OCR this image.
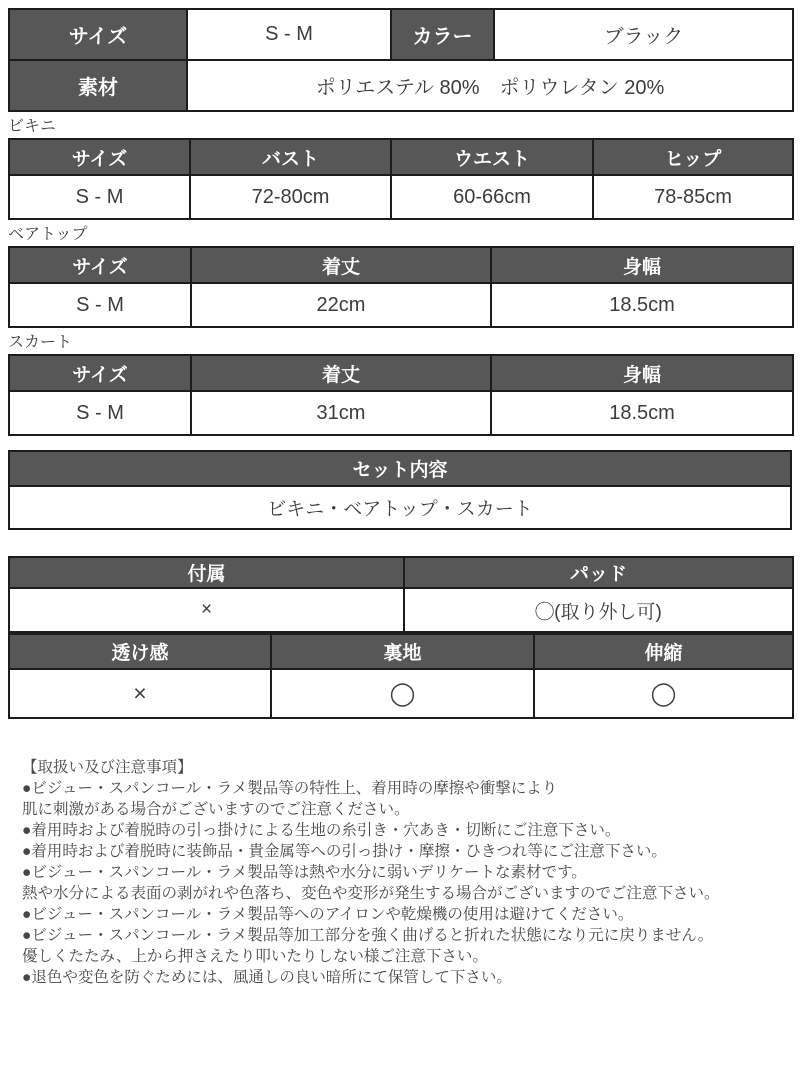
サイズ	S - M	カラー	ブラック
素材	ポリエステル 80%　ポリウレタン 20%		
ビキニ
サイズ	バスト	ウエスト	ヒップ
S - M	72-80cm	60-66cm	78-85cm
ベアトップ
サイズ	着丈	身幅
S - M	22cm	18.5cm
スカート
サイズ	着丈	身幅
S - M	31cm	18.5cm
セット内容
ビキニ・ベアトップ・スカート
付属	パッド
×	◯(取り外し可)
透け感	裏地	伸縮
×	◯	◯
【取扱い及び注意事項】
●ビジュー・スパンコール・ラメ製品等の特性上、着用時の摩擦や衝撃により
肌に刺激がある場合がございますのでご注意ください。
●着用時および着脱時の引っ掛けによる生地の糸引き・穴あき・切断にご注意下さい。
●着用時および着脱時に装飾品・貴金属等への引っ掛け・摩擦・ひきつれ等にご注意下さい。
●ビジュー・スパンコール・ラメ製品等は熱や水分に弱いデリケートな素材です。
熱や水分による表面の剥がれや色落ち、変色や変形が発生する場合がございますのでご注意下さい。
●ビジュー・スパンコール・ラメ製品等へのアイロンや乾燥機の使用は避けてください。
●ビジュー・スパンコール・ラメ製品等加工部分を強く曲げると折れた状態になり元に戻りません。
優しくたたみ、上から押さえたり叩いたりしない様ご注意下さい。
●退色や変色を防ぐためには、風通しの良い暗所にて保管して下さい。
